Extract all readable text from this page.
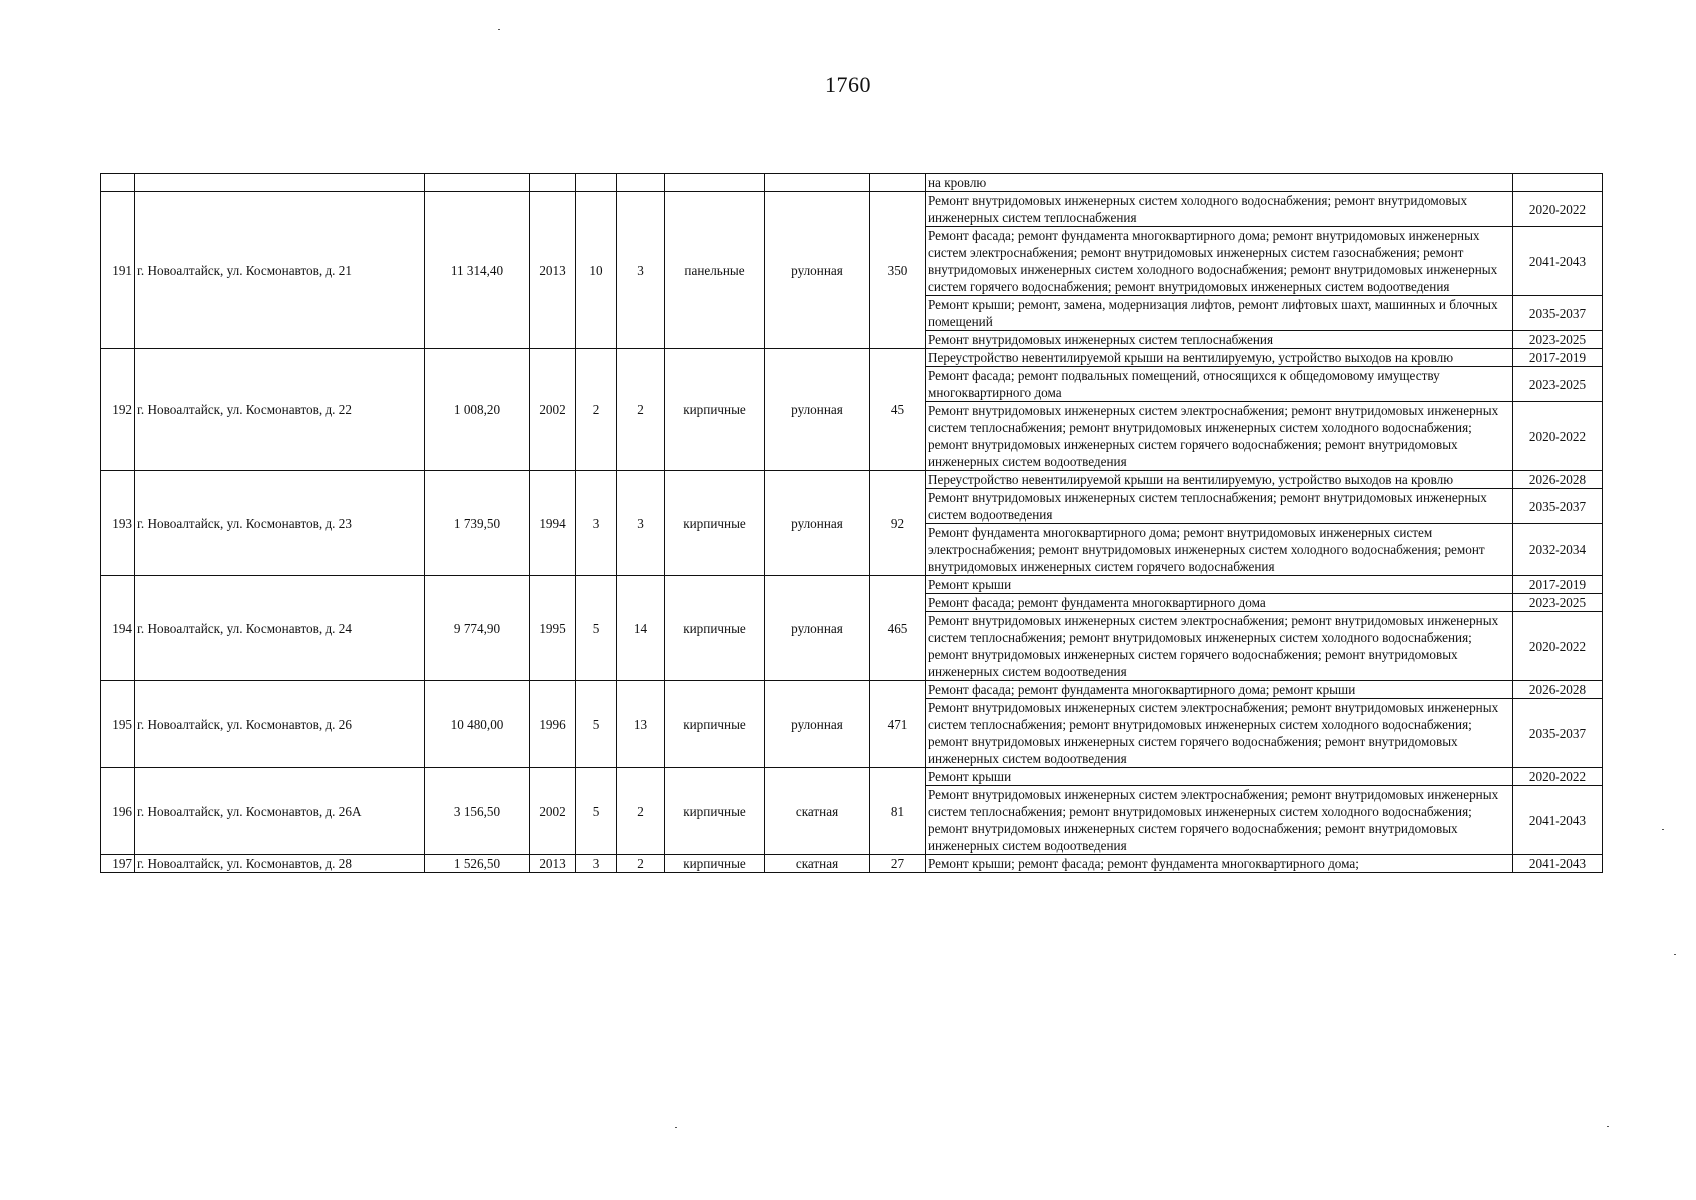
1760
									на кровлю	
191	г. Новоалтайск, ул. Космонавтов, д. 21	11 314,40	2013	10	3	панельные	рулонная	350	Ремонт внутридомовых инженерных систем холодного водоснабжения; ремонт внутридомовых инженерных систем теплоснабжения	2020-2022
									Ремонт фасада; ремонт фундамента многоквартирного дома; ремонт внутридомовых инженерных систем электроснабжения; ремонт внутридомовых инженерных систем газоснабжения; ремонт внутридомовых инженерных систем холодного водоснабжения; ремонт внутридомовых инженерных систем горячего водоснабжения; ремонт внутридомовых инженерных систем водоотведения	2041-2043
									Ремонт крыши; ремонт, замена, модернизация лифтов, ремонт лифтовых шахт, машинных и блочных помещений	2035-2037
									Ремонт внутридомовых инженерных систем теплоснабжения	2023-2025
192	г. Новоалтайск, ул. Космонавтов, д. 22	1 008,20	2002	2	2	кирпичные	рулонная	45	Переустройство невентилируемой крыши на вентилируемую, устройство выходов на кровлю	2017-2019
									Ремонт фасада; ремонт подвальных помещений, относящихся к общедомовому имуществу многоквартирного дома	2023-2025
									Ремонт внутридомовых инженерных систем электроснабжения; ремонт внутридомовых инженерных систем теплоснабжения; ремонт внутридомовых инженерных систем холодного водоснабжения; ремонт внутридомовых инженерных систем горячего водоснабжения; ремонт внутридомовых инженерных систем водоотведения	2020-2022
193	г. Новоалтайск, ул. Космонавтов, д. 23	1 739,50	1994	3	3	кирпичные	рулонная	92	Переустройство невентилируемой крыши на вентилируемую, устройство выходов на кровлю	2026-2028
									Ремонт внутридомовых инженерных систем теплоснабжения; ремонт внутридомовых инженерных систем водоотведения	2035-2037
									Ремонт фундамента многоквартирного дома; ремонт внутридомовых инженерных систем электроснабжения; ремонт внутридомовых инженерных систем холодного водоснабжения; ремонт внутридомовых инженерных систем горячего водоснабжения	2032-2034
194	г. Новоалтайск, ул. Космонавтов, д. 24	9 774,90	1995	5	14	кирпичные	рулонная	465	Ремонт крыши	2017-2019
									Ремонт фасада; ремонт фундамента многоквартирного дома	2023-2025
									Ремонт внутридомовых инженерных систем электроснабжения; ремонт внутридомовых инженерных систем теплоснабжения; ремонт внутридомовых инженерных систем холодного водоснабжения; ремонт внутридомовых инженерных систем горячего водоснабжения; ремонт внутридомовых инженерных систем водоотведения	2020-2022
195	г. Новоалтайск, ул. Космонавтов, д. 26	10 480,00	1996	5	13	кирпичные	рулонная	471	Ремонт фасада; ремонт фундамента многоквартирного дома; ремонт крыши	2026-2028
									Ремонт внутридомовых инженерных систем электроснабжения; ремонт внутридомовых инженерных систем теплоснабжения; ремонт внутридомовых инженерных систем холодного водоснабжения; ремонт внутридомовых инженерных систем горячего водоснабжения; ремонт внутридомовых инженерных систем водоотведения	2035-2037
196	г. Новоалтайск, ул. Космонавтов, д. 26А	3 156,50	2002	5	2	кирпичные	скатная	81	Ремонт крыши	2020-2022
									Ремонт внутридомовых инженерных систем электроснабжения; ремонт внутридомовых инженерных систем теплоснабжения; ремонт внутридомовых инженерных систем холодного водоснабжения; ремонт внутридомовых инженерных систем горячего водоснабжения; ремонт внутридомовых инженерных систем водоотведения	2041-2043
197	г. Новоалтайск, ул. Космонавтов, д. 28	1 526,50	2013	3	2	кирпичные	скатная	27	Ремонт крыши; ремонт фасада; ремонт фундамента многоквартирного дома;	2041-2043
